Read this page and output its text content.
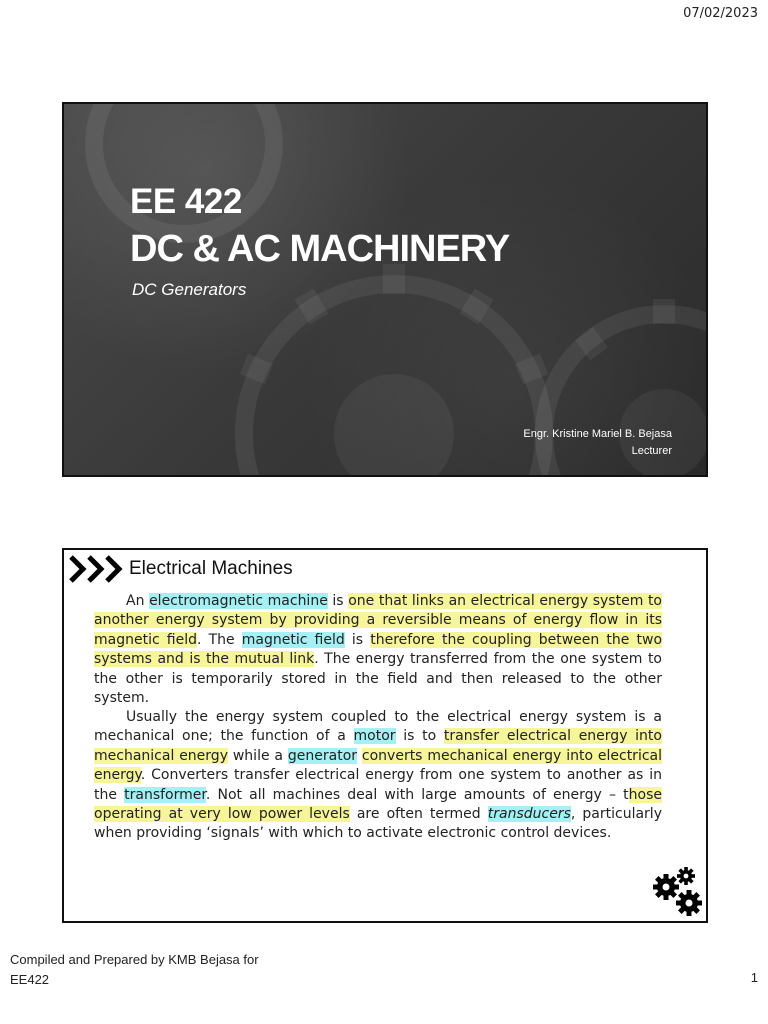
07/02/2023
EE 422
DC & AC MACHINERY
DC Generators
Engr. Kristine Mariel B. Bejasa
Lecturer
Electrical Machines
An electromagnetic machine is one that links an electrical energy system to another energy system by providing a reversible means of energy flow in its magnetic field. The magnetic field is therefore the coupling between the two systems and is the mutual link. The energy transferred from the one system to the other is temporarily stored in the field and then released to the other system.
Usually the energy system coupled to the electrical energy system is a mechanical one; the function of a motor is to transfer electrical energy into mechanical energy while a generator converts mechanical energy into electrical energy. Converters transfer electrical energy from one system to another as in the transformer. Not all machines deal with large amounts of energy – those operating at very low power levels are often termed transducers, particularly when providing ‘signals’ with which to activate electronic control devices.
Compiled and Prepared by KMB Bejasa for
EE422	1
